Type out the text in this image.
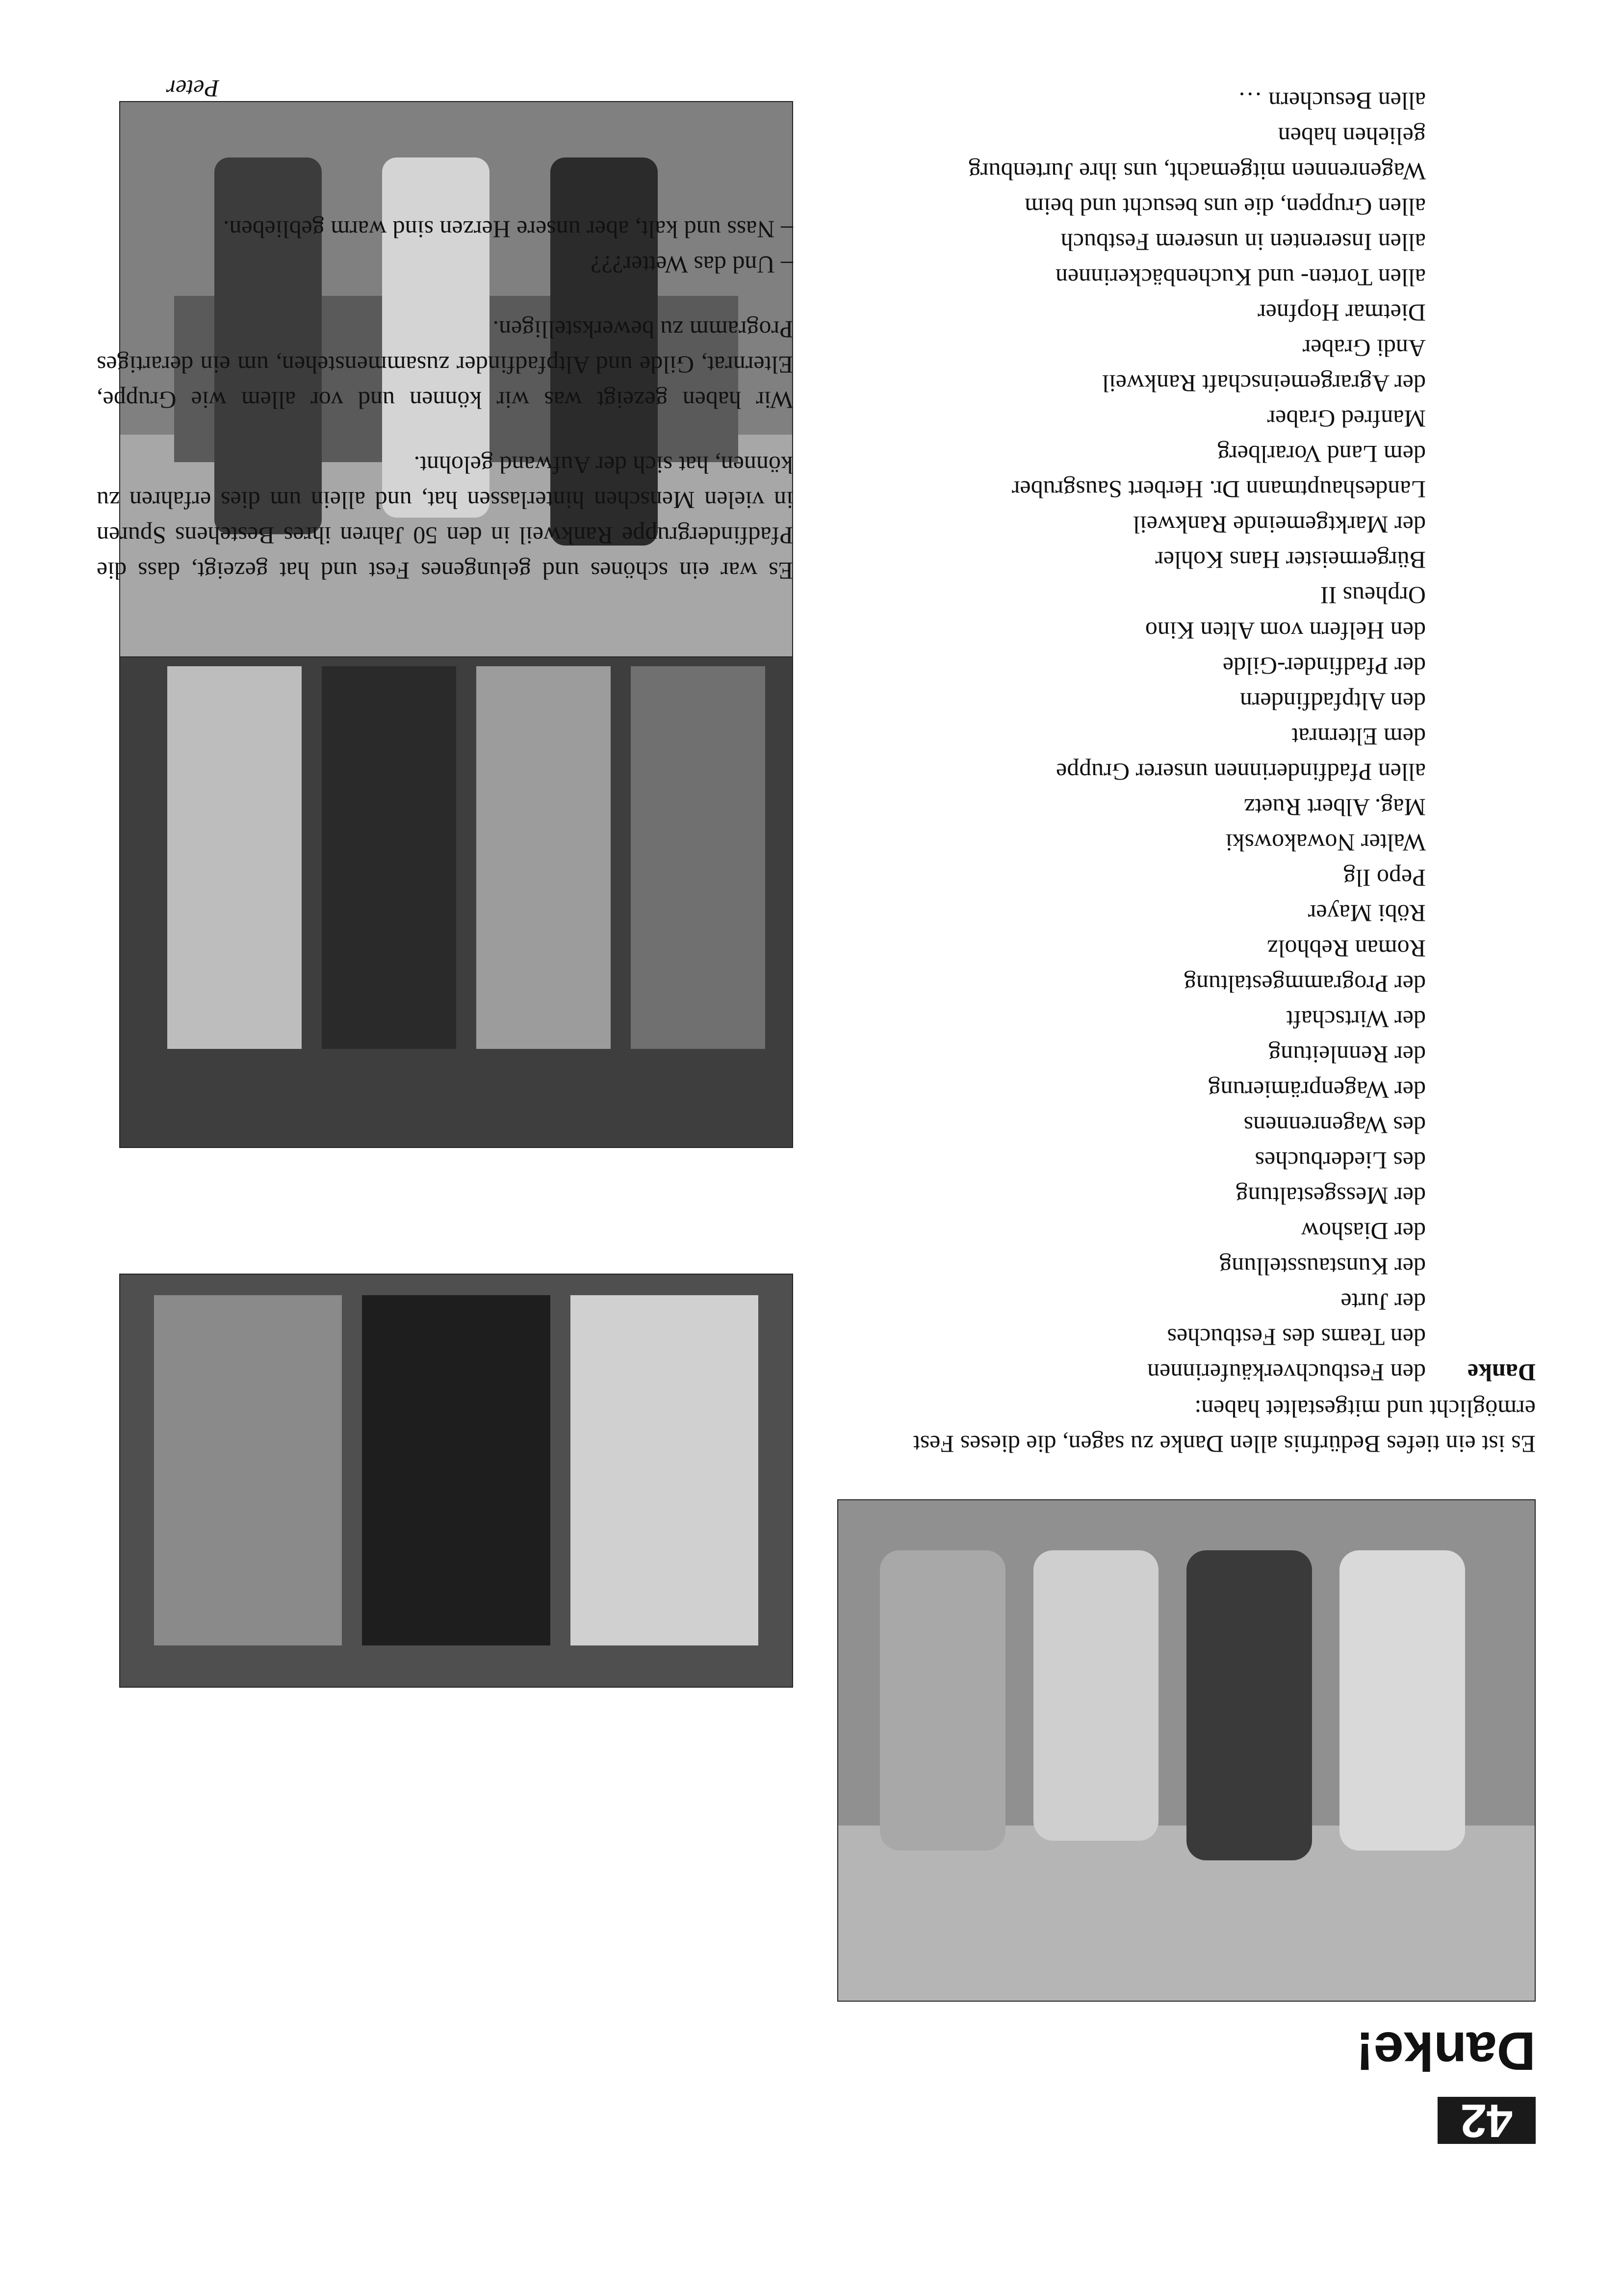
42
Danke!
Es ist ein tiefes Bedürfnis allen Danke zu sagen, die dieses Fest ermöglicht und mitgestaltet haben:
Danke
den Festbuchverkäuferinnen
den Teams des Festbuches
der Jurte
der Kunstausstellung
der Diashow
der Messgestaltung
des Liederbuches
des Wagenrennens
der Wagenprämierung
der Rennleitung
der Wirtschaft
der Programmgestaltung
Roman Rebholz
Röbi Mayer
Pepo Ilg
Walter Nowakowski
Mag. Albert Ruetz
allen Pfadfinderinnen unserer Gruppe
dem Elternrat
den Altpfadfindern
der Pfadfinder-Gilde
den Helfern vom Alten Kino
Orpheus II
Bürgermeister Hans Kohler
der Marktgemeinde Rankweil
Landeshauptmann Dr. Herbert Sausgruber
dem Land Vorarlberg
Manfred Graber
der Agrargemeinschaft Rankweil
Andi Graber
Dietmar Hopfner
allen Torten- und Kuchenbäckerinnen
allen Inserenten in unserem Festbuch
allen Gruppen, die uns besucht und beim
Wagenrennen mitgemacht, uns ihre Jurtenburg
geliehen haben
allen Besuchern …

Es war ein schönes und gelungenes Fest und hat gezeigt, dass die Pfadfindergruppe Rankweil in den 50 Jahren ihres Bestehens Spuren in vielen Menschen hinterlassen hat, und allein um dies erfahren zu können, hat sich der Aufwand gelohnt.

Wir haben gezeigt was wir können und vor allem wie Gruppe, Elternrat, Gilde und Altpfadfinder zusammenstehen, um ein derartiges Programm zu bewerkstelligen.

– Und das Wetter???

– Nass und kalt, aber unsere Herzen sind warm geblieben.

Peter
